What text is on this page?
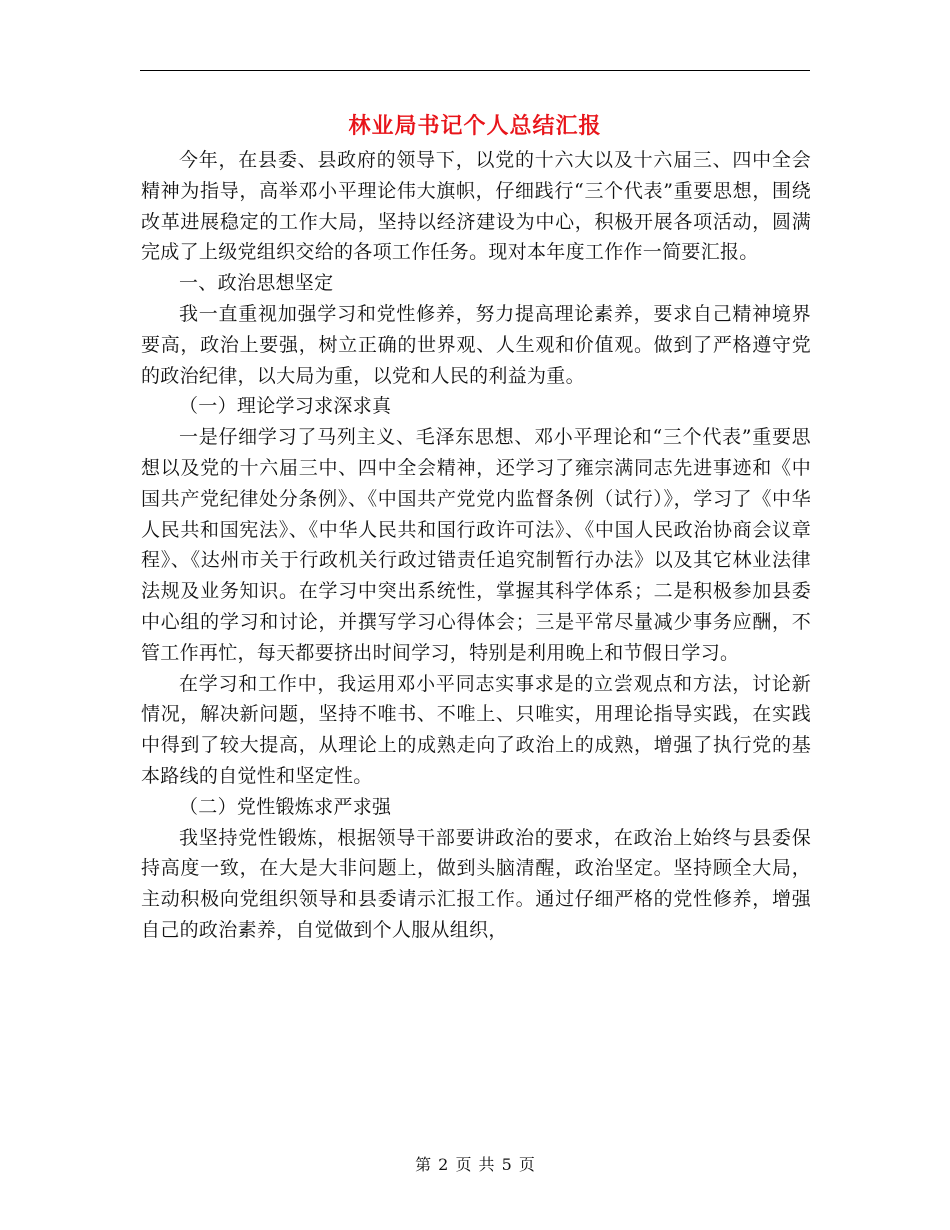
林业局书记个人总结汇报

今年，在县委、县政府的领导下，以党的十六大以及十六届三、四中全会精神为指导，高举邓小平理论伟大旗帜，仔细践行“三个代表”重要思想，围绕改革进展稳定的工作大局，坚持以经济建设为中心，积极开展各项活动，圆满完成了上级党组织交给的各项工作任务。现对本年度工作作一简要汇报。

一、政治思想坚定

我一直重视加强学习和党性修养，努力提高理论素养，要求自己精神境界要高，政治上要强，树立正确的世界观、人生观和价值观。做到了严格遵守党的政治纪律，以大局为重，以党和人民的利益为重。

（一）理论学习求深求真

一是仔细学习了马列主义、毛泽东思想、邓小平理论和“三个代表”重要思想以及党的十六届三中、四中全会精神，还学习了雍宗满同志先进事迹和《中国共产党纪律处分条例》、《中国共产党党内监督条例（试行）》，学习了《中华人民共和国宪法》、《中华人民共和国行政许可法》、《中国人民政治协商会议章程》、《达州市关于行政机关行政过错责任追究制暂行办法》以及其它林业法律法规及业务知识。在学习中突出系统性，掌握其科学体系；二是积极参加县委中心组的学习和讨论，并撰写学习心得体会；三是平常尽量减少事务应酬，不管工作再忙，每天都要挤出时间学习，特别是利用晚上和节假日学习。

在学习和工作中，我运用邓小平同志实事求是的立尝观点和方法，讨论新情况，解决新问题，坚持不唯书、不唯上、只唯实，用理论指导实践，在实践中得到了较大提高，从理论上的成熟走向了政治上的成熟，增强了执行党的基本路线的自觉性和坚定性。

（二）党性锻炼求严求强

我坚持党性锻炼，根据领导干部要讲政治的要求，在政治上始终与县委保持高度一致，在大是大非问题上，做到头脑清醒，政治坚定。坚持顾全大局，主动积极向党组织领导和县委请示汇报工作。通过仔细严格的党性修养，增强自己的政治素养，自觉做到个人服从组织，

第 2 页 共 5 页
